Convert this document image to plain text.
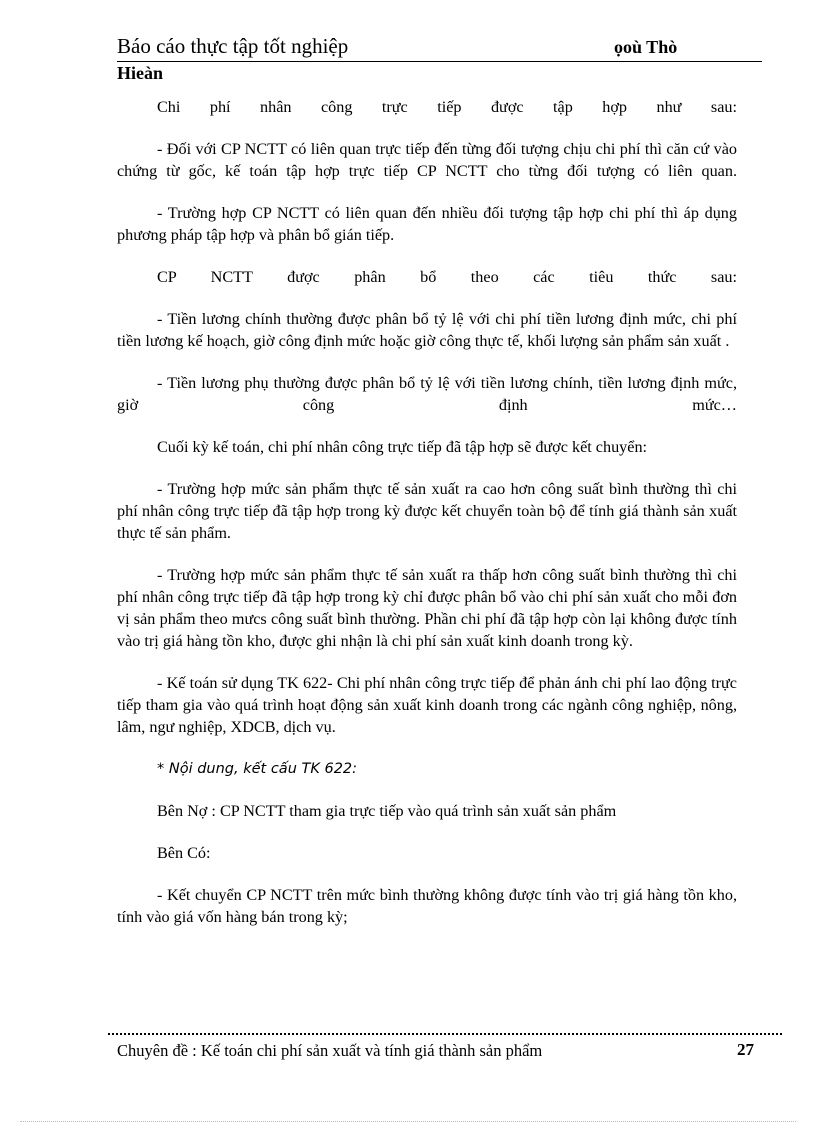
Báo cáo thực tập tốt nghiệp	ọoù Thò
Hieàn

Chi phí nhân công trực tiếp được tập hợp như sau:

- Đối với CP NCTT có liên quan trực tiếp đến từng đối tượng chịu chi phí thì căn cứ vào chứng từ gốc, kế toán tập hợp trực tiếp CP NCTT cho từng đối tượng có liên quan.

- Trường hợp CP NCTT có liên quan đến nhiều đối tượng tập hợp chi phí thì áp dụng phương pháp tập hợp và phân bổ gián tiếp.

CP NCTT được phân bổ theo các tiêu thức sau:

- Tiền lương chính thường được phân bổ tỷ lệ với chi phí tiền lương định mức, chi phí tiền lương kế hoạch, giờ công định mức hoặc giờ công thực tế, khối lượng sản phẩm sản xuất .

- Tiền lương phụ thường được phân bổ tỷ lệ với tiền lương chính, tiền lương định mức, giờ công định mức…

Cuối kỳ kế toán, chi phí nhân công trực tiếp đã tập hợp sẽ được kết chuyển:

- Trường hợp mức sản phẩm thực tế sản xuất ra cao hơn công suất bình thường thì chi phí nhân công trực tiếp đã tập hợp trong kỳ được kết chuyển toàn bộ để tính giá thành sản xuất thực tế sản phẩm.

- Trường hợp mức sản phẩm thực tế sản xuất ra thấp hơn công suất bình thường thì chi phí nhân công trực tiếp đã tập hợp trong kỳ chỉ được phân bổ vào chi phí sản xuất cho mỗi đơn vị sản phẩm theo mưcs công suất bình thường. Phần chi phí đã tập hợp còn lại không được tính vào trị giá hàng tồn kho, được ghi nhận là chi phí sản xuất kinh doanh trong kỳ.

- Kế toán sử dụng TK 622- Chi phí nhân công trực tiếp để phản ánh chi phí lao động trực tiếp tham gia vào quá trình hoạt động sản xuất kinh doanh trong các ngành công nghiệp, nông, lâm, ngư nghiệp, XDCB, dịch vụ.

* Nội dung, kết cấu TK 622:

Bên Nợ : CP NCTT tham gia trực tiếp vào quá trình sản xuất sản phẩm

Bên Có:

- Kết chuyển CP NCTT trên mức bình thường không được tính vào trị giá hàng tồn kho, tính vào giá vốn hàng bán trong kỳ;

Chuyên đề : Kế toán chi phí sản xuất và tính giá thành sản phẩm	27
